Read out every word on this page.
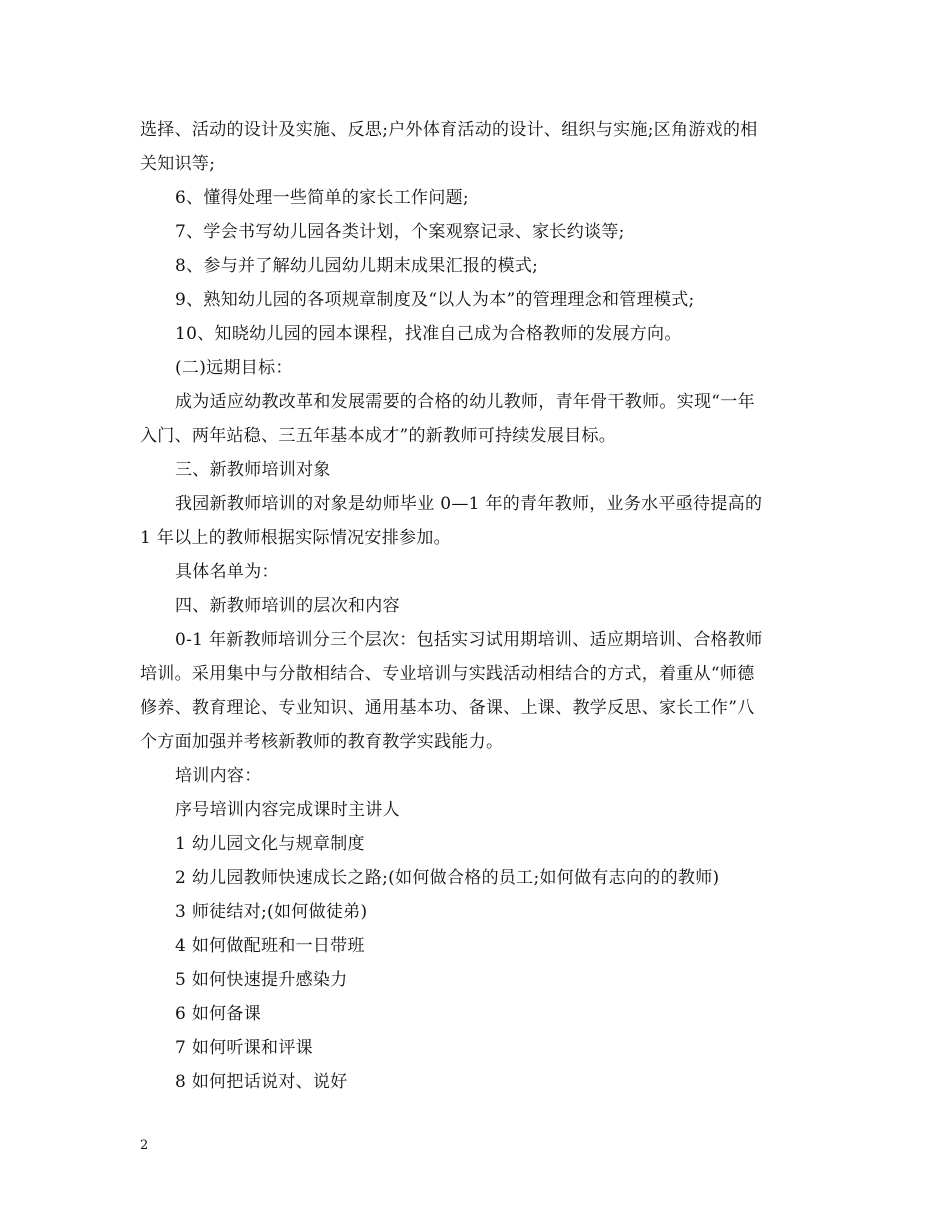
选择、活动的设计及实施、反思;户外体育活动的设计、组织与实施;区角游戏的相
关知识等;
6、懂得处理一些简单的家长工作问题;
7、学会书写幼儿园各类计划，个案观察记录、家长约谈等;
8、参与并了解幼儿园幼儿期末成果汇报的模式;
9、熟知幼儿园的各项规章制度及“以人为本”的管理理念和管理模式;
10、知晓幼儿园的园本课程，找准自己成为合格教师的发展方向。
(二)远期目标：
成为适应幼教改革和发展需要的合格的幼儿教师，青年骨干教师。实现“一年
入门、两年站稳、三五年基本成才”的新教师可持续发展目标。
三、新教师培训对象
我园新教师培训的对象是幼师毕业 0—1 年的青年教师，业务水平亟待提高的
1 年以上的教师根据实际情况安排参加。
具体名单为：
四、新教师培训的层次和内容
0-1 年新教师培训分三个层次：包括实习试用期培训、适应期培训、合格教师
培训。采用集中与分散相结合、专业培训与实践活动相结合的方式，着重从“师德
修养、教育理论、专业知识、通用基本功、备课、上课、教学反思、家长工作”八
个方面加强并考核新教师的教育教学实践能力。
培训内容：
序号培训内容完成课时主讲人
1 幼儿园文化与规章制度
2 幼儿园教师快速成长之路;(如何做合格的员工;如何做有志向的的教师)
3 师徒结对;(如何做徒弟)
4 如何做配班和一日带班
5 如何快速提升感染力
6 如何备课
7 如何听课和评课
8 如何把话说对、说好
2
